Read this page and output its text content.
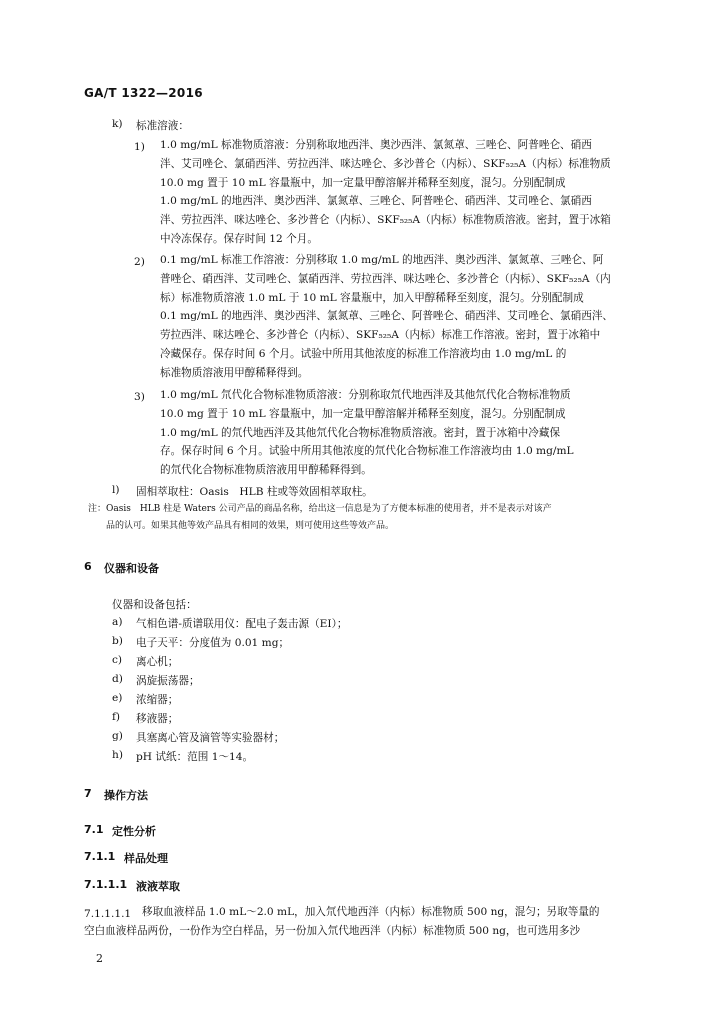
GA/T 1322—2016
k) 标准溶液：
1) 1.0 mg/mL 标准物质溶液：分别称取地西泮、奥沙西泮、氯氮䓬、三唑仑、阿普唑仑、硝西
泮、艾司唑仑、氯硝西泮、劳拉西泮、咪达唑仑、多沙普仑（内标）、SKF₅₂₅A（内标）标准物质
10.0 mg 置于 10 mL 容量瓶中，加一定量甲醇溶解并稀释至刻度，混匀。分别配制成
1.0 mg/mL 的地西泮、奥沙西泮、氯氮䓬、三唑仑、阿普唑仑、硝西泮、艾司唑仑、氯硝西
泮、劳拉西泮、咪达唑仑、多沙普仑（内标）、SKF₅₂₅A（内标）标准物质溶液。密封，置于冰箱
中冷冻保存。保存时间 12 个月。
2) 0.1 mg/mL 标准工作溶液：分别移取 1.0 mg/mL 的地西泮、奥沙西泮、氯氮䓬、三唑仑、阿
普唑仑、硝西泮、艾司唑仑、氯硝西泮、劳拉西泮、咪达唑仑、多沙普仑（内标）、SKF₅₂₅A（内
标）标准物质溶液 1.0 mL 于 10 mL 容量瓶中，加入甲醇稀释至刻度，混匀。分别配制成
0.1 mg/mL 的地西泮、奥沙西泮、氯氮䓬、三唑仑、阿普唑仑、硝西泮、艾司唑仑、氯硝西泮、
劳拉西泮、咪达唑仑、多沙普仑（内标）、SKF₅₂₅A（内标）标准工作溶液。密封，置于冰箱中
冷藏保存。保存时间 6 个月。试验中所用其他浓度的标准工作溶液均由 1.0 mg/mL 的
标准物质溶液用甲醇稀释得到。
3) 1.0 mg/mL 氘代化合物标准物质溶液：分别称取氘代地西泮及其他氘代化合物标准物质
10.0 mg 置于 10 mL 容量瓶中，加一定量甲醇溶解并稀释至刻度，混匀。分别配制成
1.0 mg/mL 的氘代地西泮及其他氘代化合物标准物质溶液。密封，置于冰箱中冷藏保
存。保存时间 6 个月。试验中所用其他浓度的氘代化合物标准工作溶液均由 1.0 mg/mL
的氘代化合物标准物质溶液用甲醇稀释得到。
l) 固相萃取柱：Oasis　HLB 柱或等效固相萃取柱。
注：Oasis　HLB 柱是 Waters 公司产品的商品名称，给出这一信息是为了方便本标准的使用者，并不是表示对该产
　　品的认可。如果其他等效产品具有相同的效果，则可使用这些等效产品。
6 仪器和设备
仪器和设备包括：
a) 气相色谱-质谱联用仪：配电子轰击源（EI）；
b) 电子天平：分度值为 0.01 mg；
c) 离心机；
d) 涡旋振荡器；
e) 浓缩器；
f) 移液器；
g) 具塞离心管及滴管等实验器材；
h) pH 试纸：范围 1～14。
7 操作方法
7.1 定性分析
7.1.1 样品处理
7.1.1.1 液液萃取
7.1.1.1.1	移取血液样品 1.0 mL～2.0 mL，加入氘代地西泮（内标）标准物质 500 ng，混匀；另取等量的
空白血液样品两份，一份作为空白样品，另一份加入氘代地西泮（内标）标准物质 500 ng，也可选用多沙
2
